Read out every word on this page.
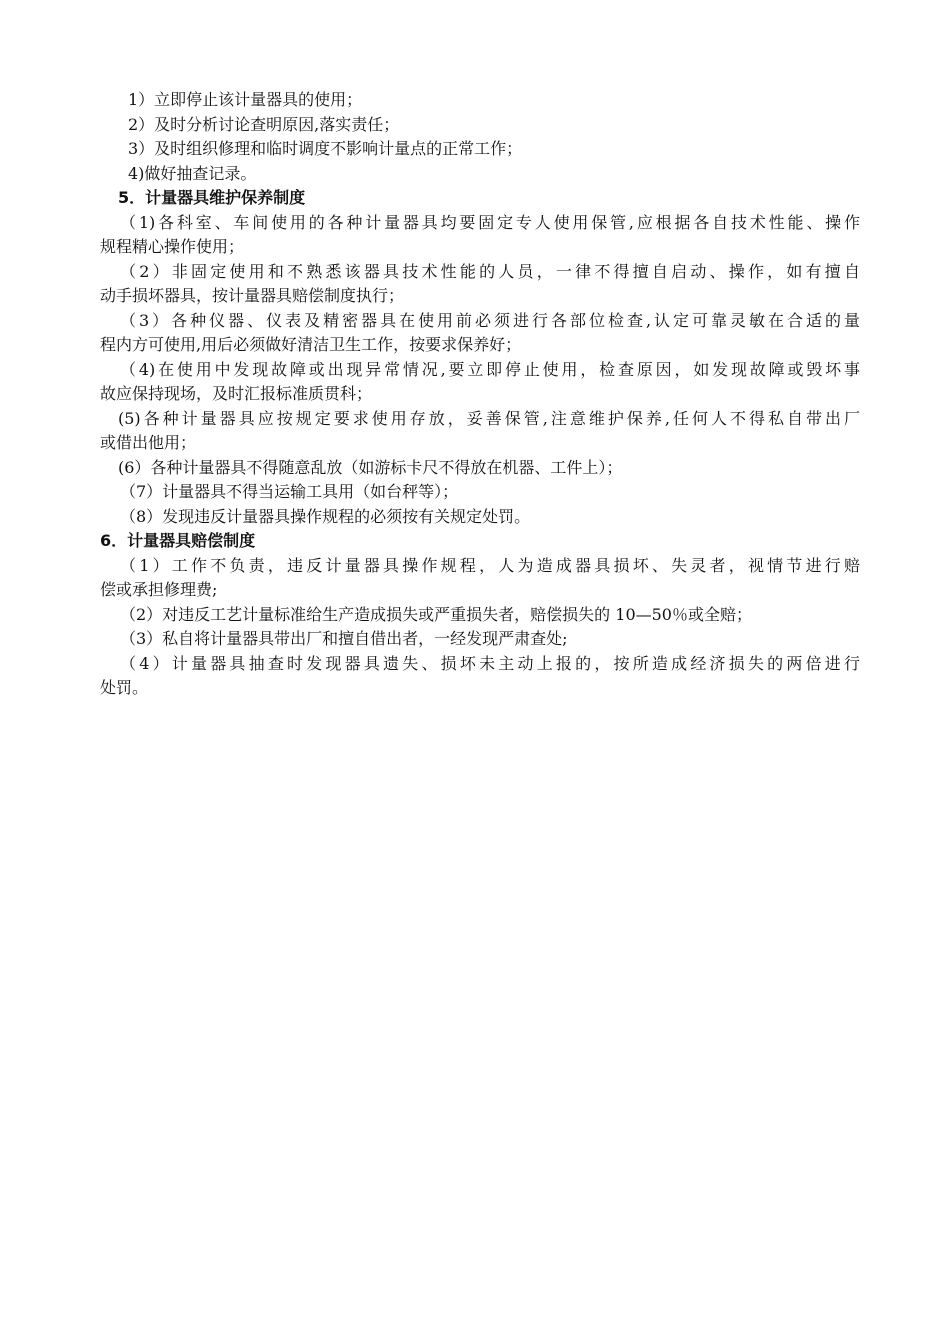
1）立即停止该计量器具的使用；
2）及时分析讨论查明原因,落实责任；
3）及时组织修理和临时调度不影响计量点的正常工作；
4)做好抽查记录。
5．计量器具维护保养制度
（1)各科室、车间使用的各种计量器具均要固定专人使用保管,应根据各自技术性能、操作
规程精心操作使用；
（2）非固定使用和不熟悉该器具技术性能的人员，一律不得擅自启动、操作，如有擅自
动手损坏器具，按计量器具赔偿制度执行；
（3）各种仪器、仪表及精密器具在使用前必须进行各部位检查,认定可靠灵敏在合适的量
程内方可使用,用后必须做好清洁卫生工作，按要求保养好；
（4)在使用中发现故障或出现异常情况,要立即停止使用，检查原因，如发现故障或毁坏事
故应保持现场，及时汇报标准质贯科；
(5)各种计量器具应按规定要求使用存放，妥善保管,注意维护保养,任何人不得私自带出厂
或借出他用；
(6）各种计量器具不得随意乱放（如游标卡尺不得放在机器、工件上）；
（7）计量器具不得当运输工具用（如台秤等）；
（8）发现违反计量器具操作规程的必须按有关规定处罚。
6．计量器具赔偿制度
（1）工作不负责，违反计量器具操作规程，人为造成器具损坏、失灵者，视情节进行赔
偿或承担修理费;
（2）对违反工艺计量标准给生产造成损失或严重损失者，赔偿损失的 10—50％或全赔；
（3）私自将计量器具带出厂和擅自借出者，一经发现严肃查处;
（4）计量器具抽查时发现器具遗失、损坏未主动上报的，按所造成经济损失的两倍进行
处罚。
